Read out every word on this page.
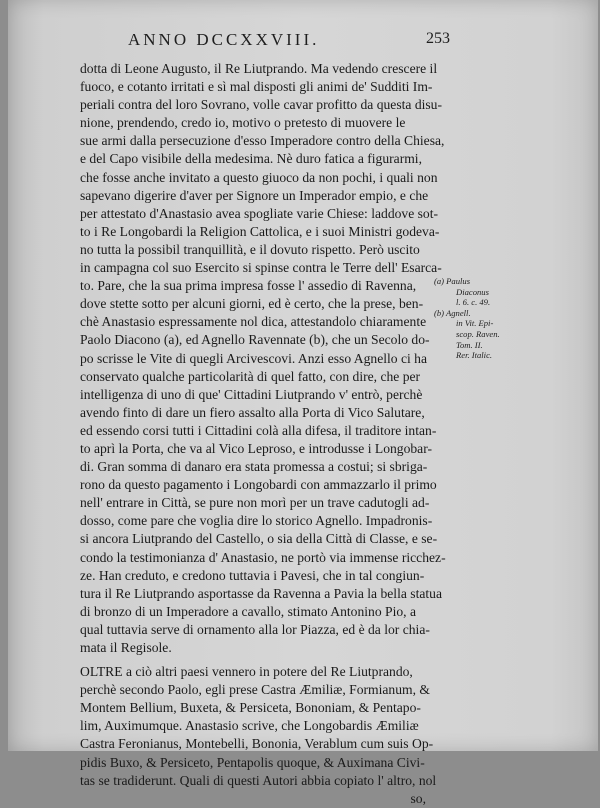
ANNO DCCXXVIII.	253
dotta di Leone Augusto, il Re Liutprando. Ma vedendo crescere il
fuoco, e cotanto irritati e sì mal disposti gli animi de' Sudditi Im-
periali contra del loro Sovrano, volle cavar profitto da questa disu-
nione, prendendo, credo io, motivo o pretesto di muovere le
sue armi dalla persecuzione d'esso Imperadore contro della Chiesa,
e del Capo visibile della medesima. Nè duro fatica a figurarmi,
che fosse anche invitato a questo giuoco da non pochi, i quali non
sapevano digerire d'aver per Signore un Imperador empio, e che
per attestato d'Anastasio avea spogliate varie Chiese: laddove sot-
to i Re Longobardi la Religion Cattolica, e i suoi Ministri godeva-
no tutta la possibil tranquillità, e il dovuto rispetto. Però uscito
in campagna col suo Esercito si spinse contra le Terre dell' Esarca-
to. Pare, che la sua prima impresa fosse l' assedio di Ravenna,
dove stette sotto per alcuni giorni, ed è certo, che la prese, ben-
chè Anastasio espressamente nol dica, attestandolo chiaramente
Paolo Diacono (a), ed Agnello Ravennate (b), che un Secolo do-
po scrisse le Vite di quegli Arcivescovi. Anzi esso Agnello ci ha
conservato qualche particolarità di quel fatto, con dire, che per
intelligenza di uno di que' Cittadini Liutprando v' entrò, perchè
avendo finto di dare un fiero assalto alla Porta di Vico Salutare,
ed essendo corsi tutti i Cittadini colà alla difesa, il traditore intan-
to aprì la Porta, che va al Vico Leproso, e introdusse i Longobar-
di. Gran somma di danaro era stata promessa a costui; si sbriga-
rono da questo pagamento i Longobardi con ammazzarlo il primo
nell' entrare in Città, se pure non morì per un trave cadutogli ad-
dosso, come pare che voglia dire lo storico Agnello. Impadronis-
si ancora Liutprando del Castello, o sia della Città di Classe, e se-
condo la testimonianza d' Anastasio, ne portò via immense ricchez-
ze. Han creduto, e credono tuttavia i Pavesi, che in tal congiun-
tura il Re Liutprando asportasse da Ravenna a Pavia la bella statua
di bronzo di un Imperadore a cavallo, stimato Antonino Pio, a
qual tuttavia serve di ornamento alla lor Piazza, ed è da lor chia-
mata il Regisole.
OLTRE a ciò altri paesi vennero in potere del Re Liutprando,
perchè secondo Paolo, egli prese Castra Æmiliæ, Formianum, &
Montem Bellium, Buxeta, & Persiceta, Bononiam, & Pentapo-
lim, Auximumque. Anastasio scrive, che Longobardis Æmiliæ
Castra Feronianus, Montebelli, Bononia, Verablum cum suis Op-
pidis Buxo, & Persiceto, Pentapolis quoque, & Auximana Civi-
tas se tradiderunt. Quali di questi Autori abbia copiato l' altro, nol
so,
(a) Paulus
Diaconus
l. 6. c. 49.
(b) Agnell.
in Vit. Epi-
scop. Raven.
Tom. II.
Rer. Italic.
